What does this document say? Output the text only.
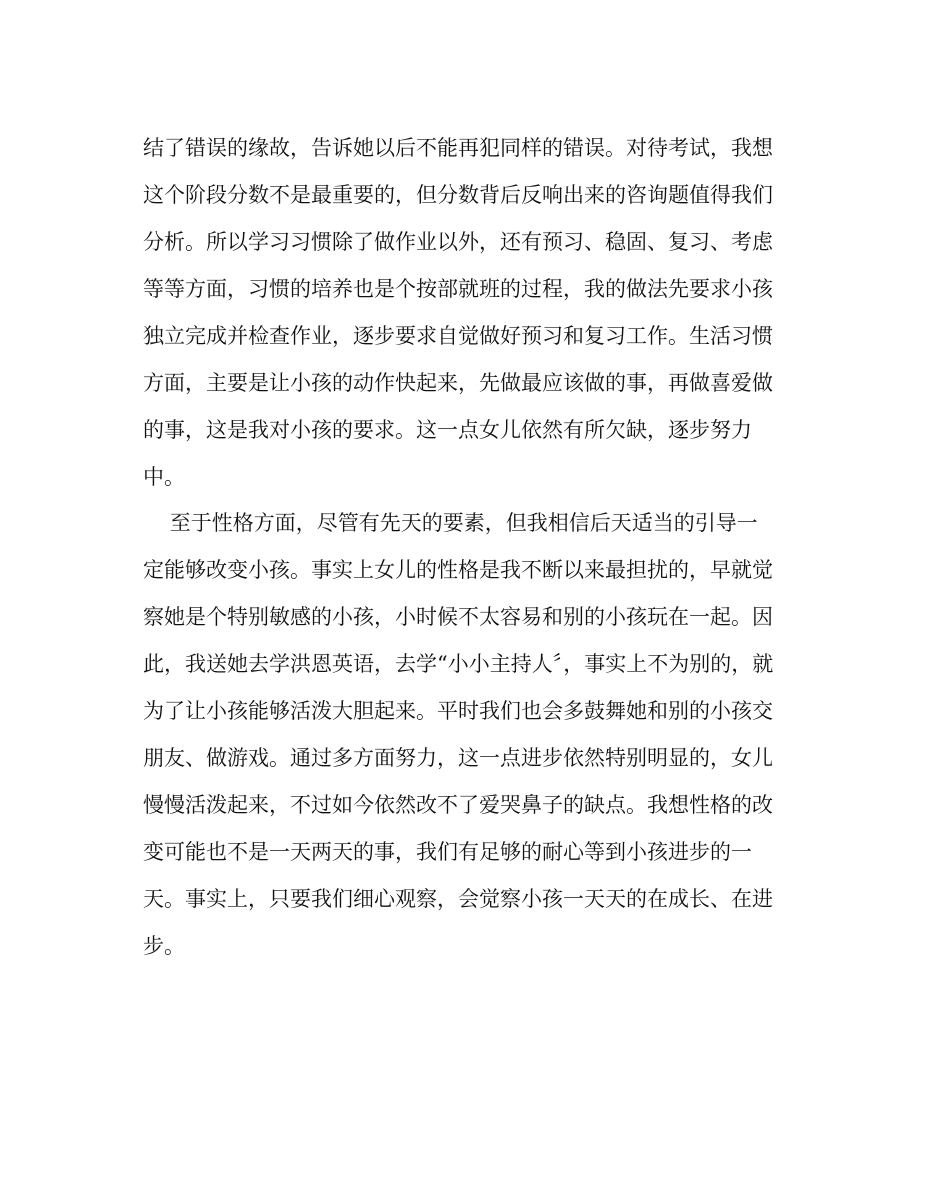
结了错误的缘故，告诉她以后不能再犯同样的错误。对待考试，我想
这个阶段分数不是最重要的，但分数背后反响出来的咨询题值得我们
分析。所以学习习惯除了做作业以外，还有预习、稳固、复习、考虑
等等方面，习惯的培养也是个按部就班的过程，我的做法先要求小孩
独立完成并检查作业，逐步要求自觉做好预习和复习工作。生活习惯
方面，主要是让小孩的动作快起来，先做最应该做的事，再做喜爱做
的事，这是我对小孩的要求。这一点女儿依然有所欠缺，逐步努力
中。
至于性格方面，尽管有先天的要素，但我相信后天适当的引导一
定能够改变小孩。事实上女儿的性格是我不断以来最担扰的，早就觉
察她是个特别敏感的小孩，小时候不太容易和别的小孩玩在一起。因
此，我送她去学洪恩英语，去学“小小主持人〞，事实上不为别的，就
为了让小孩能够活泼大胆起来。平时我们也会多鼓舞她和别的小孩交
朋友、做游戏。通过多方面努力，这一点进步依然特别明显的，女儿
慢慢活泼起来，不过如今依然改不了爱哭鼻子的缺点。我想性格的改
变可能也不是一天两天的事，我们有足够的耐心等到小孩进步的一
天。事实上，只要我们细心观察，会觉察小孩一天天的在成长、在进
步。
